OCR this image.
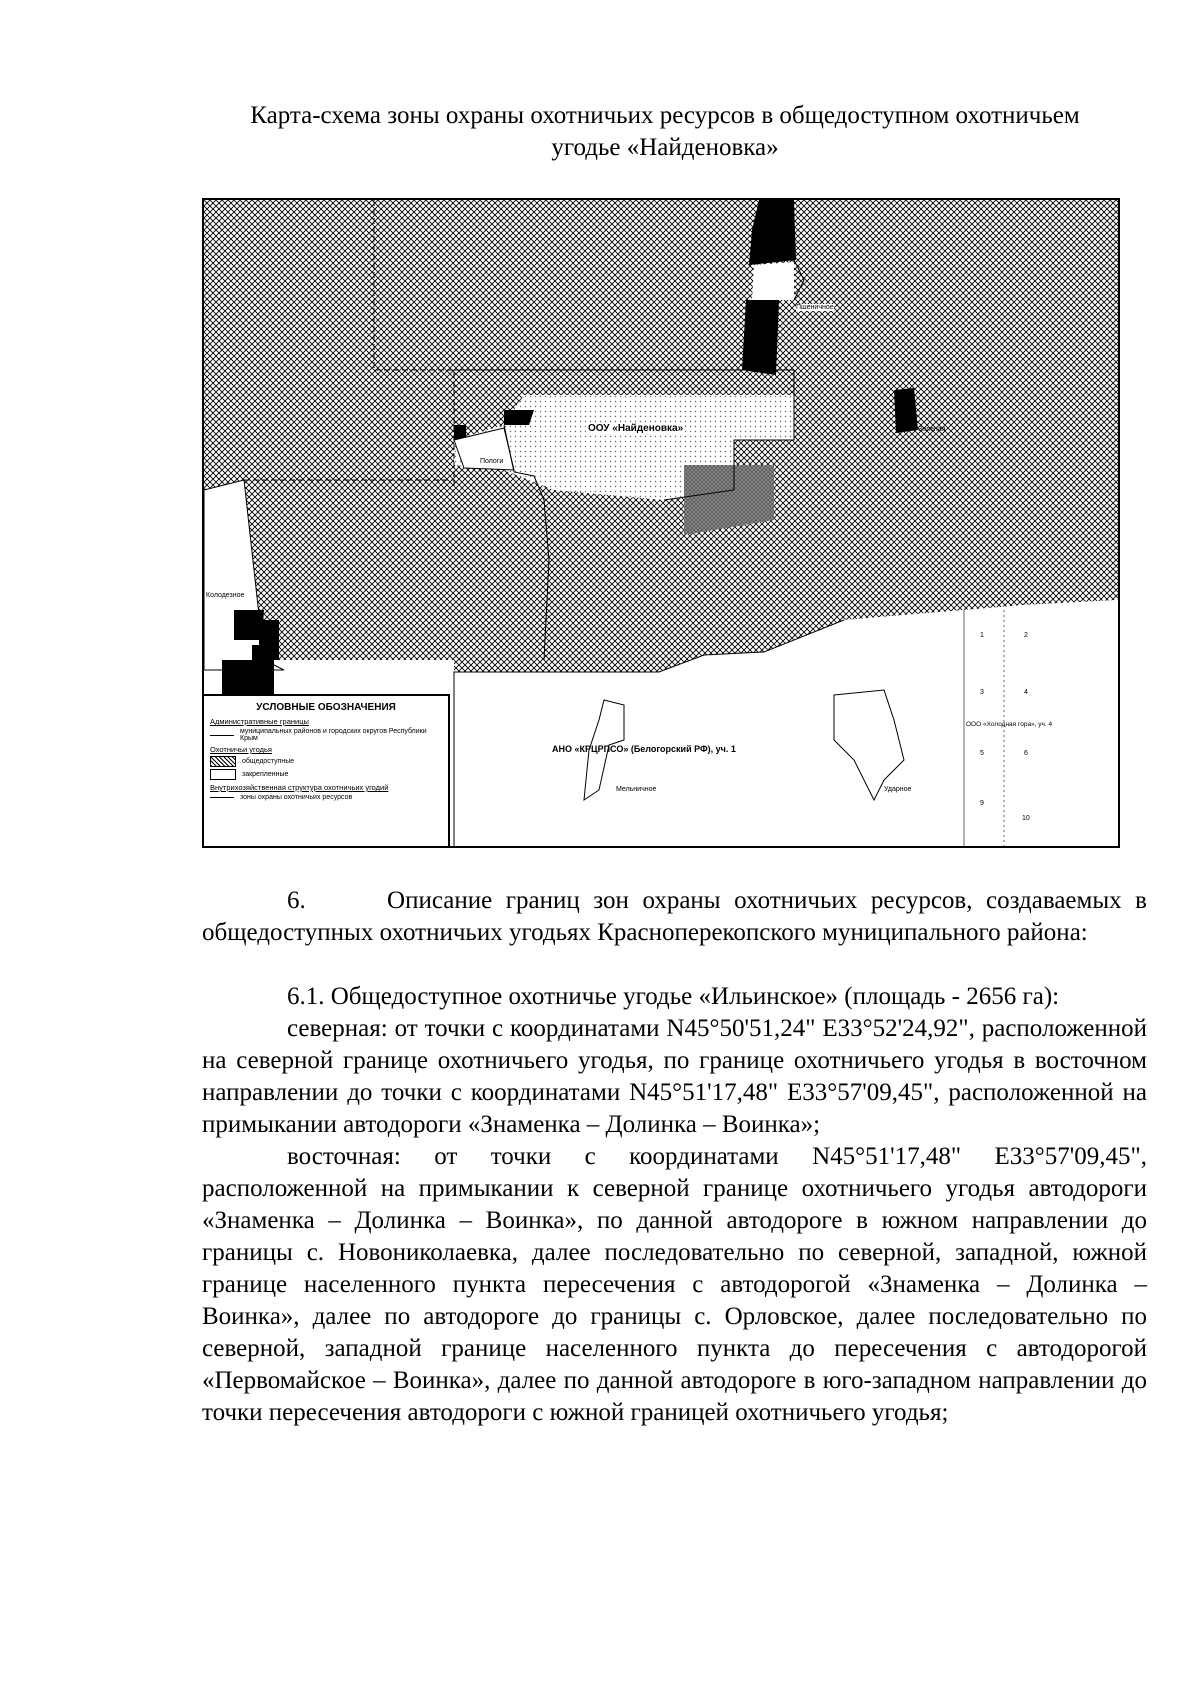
Карта-схема зоны охраны охотничьих ресурсов в общедоступном охотничьем
угодье «Найденовка»
ООУ «Найденовка»
Пологи
Колодезное
Пшеничное
Зеленая
Мельничное	Ударное
АНО «КРЦРПСО» (Белогорский РФ), уч. 1
ООО «Холодная гора», уч. 4
1	2
3	4
5	6
9
10
УСЛОВНЫЕ ОБОЗНАЧЕНИЯ
Административные границы
муниципальных районов и городских округов Республики Крым
Охотничьи угодья
общедоступные
закрепленные
Внутрихозяйственная структура охотничьих угодий
зоны охраны охотничьих ресурсов

6.      Описание границ зон охраны охотничьих ресурсов, создаваемых в общедоступных охотничьих угодьях Красноперекопского муниципального района:

6.1. Общедоступное охотничье угодье «Ильинское» (площадь - 2656 га):

северная: от точки с координатами N45°50'51,24" E33°52'24,92", расположенной на северной границе охотничьего угодья, по границе охотничьего угодья в восточном направлении до точки с координатами N45°51'17,48" E33°57'09,45", расположенной на примыкании автодороги «Знаменка – Долинка – Воинка»;

восточная: от точки с координатами N45°51'17,48" E33°57'09,45", расположенной на примыкании к северной границе охотничьего угодья автодороги «Знаменка – Долинка – Воинка», по данной автодороге в южном направлении до границы с. Новониколаевка, далее последовательно по северной, западной, южной границе населенного пункта пересечения с автодорогой «Знаменка – Долинка – Воинка», далее по автодороге до границы с. Орловское, далее последовательно по северной, западной границе населенного пункта до пересечения с автодорогой «Первомайское – Воинка», далее по данной автодороге в юго-западном направлении до точки пересечения автодороги с южной границей охотничьего угодья;
